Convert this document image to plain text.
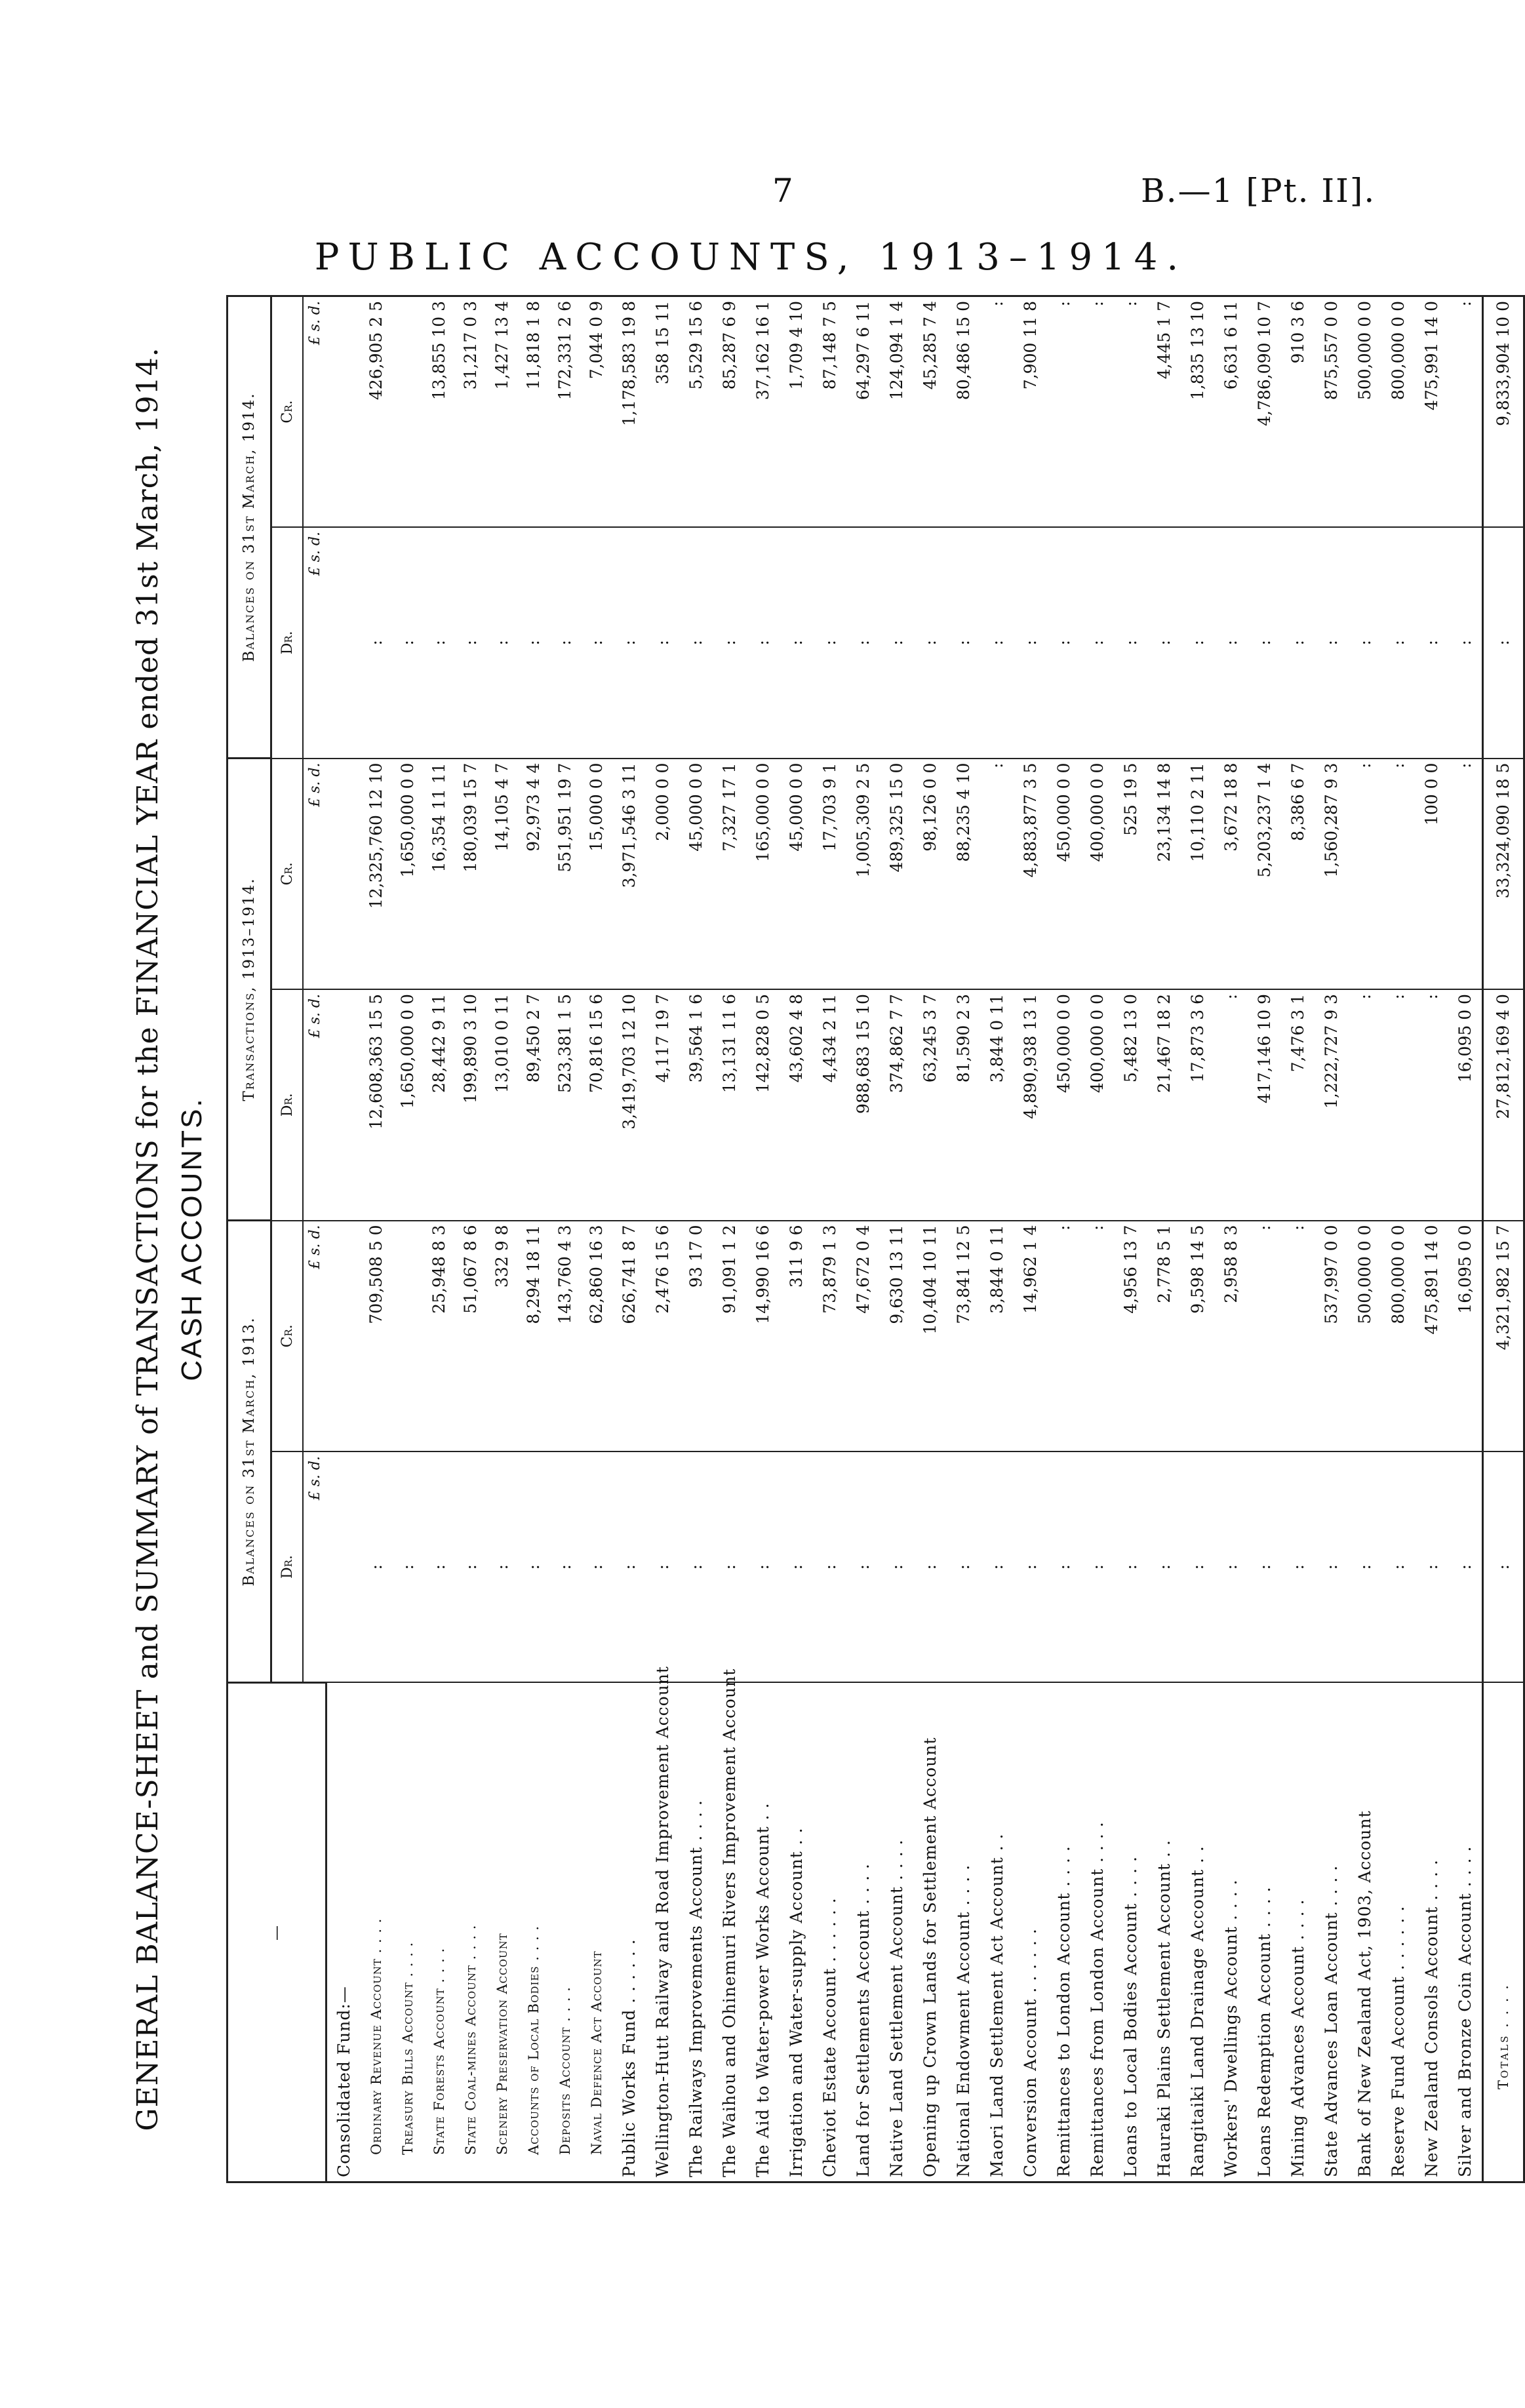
7	B.—1 [Pt. II].
PUBLIC ACCOUNTS, 1913–1914.
GENERAL BALANCE-SHEET and SUMMARY of TRANSACTIONS for the FINANCIAL YEAR ended 31st March, 1914. CASH ACCOUNTS.
—	Balances on 31st March, 1913.		Transactions, 1913–1914.		Balances on 31st March, 1914.	
	Dr.	Cr.	Dr.	Cr.	Dr.	Cr.
	£ s. d.	£ s. d.	£ s. d.	£ s. d.	£ s. d.	£ s. d.
Consolidated Fund:—						
Ordinary Revenue Account . . . .	:	709,508 5 0	12,608,363 15 5	12,325,760 12 10	:	426,905 2 5
Treasury Bills Account . . . .	:		1,650,000 0 0	1,650,000 0 0	:	
State Forests Account . . . .	:	25,948 8 3	28,442 9 11	16,354 11 11	:	13,855 10 3
State Coal-mines Account . . . .	:	51,067 8 6	199,890 3 10	180,039 15 7	:	31,217 0 3
Scenery Preservation Account	:	332 9 8	13,010 0 11	14,105 4 7	:	1,427 13 4
Accounts of Local Bodies . . . .	:	8,294 18 11	89,450 2 7	92,973 4 4	:	11,818 1 8
Deposits Account . . . .	:	143,760 4 3	523,381 1 5	551,951 19 7	:	172,331 2 6
Naval Defence Act Account	:	62,860 16 3	70,816 15 6	15,000 0 0	:	7,044 0 9
Public Works Fund . . . . . .	:	626,741 8 7	3,419,703 12 10	3,971,546 3 11	:	1,178,583 19 8
Wellington-Hutt Railway and Road Improvement Account	:	2,476 15 6	4,117 19 7	2,000 0 0	:	358 15 11
The Railways Improvements Account . . . .	:	93 17 0	39,564 1 6	45,000 0 0	:	5,529 15 6
The Waihou and Ohinemuri Rivers Improvement Account	:	91,091 1 2	13,131 11 6	7,327 17 1	:	85,287 6 9
The Aid to Water-power Works Account . .	:	14,990 16 6	142,828 0 5	165,000 0 0	:	37,162 16 1
Irrigation and Water-supply Account . .	:	311 9 6	43,602 4 8	45,000 0 0	:	1,709 4 10
Cheviot Estate Account . . . . . .	:	73,879 1 3	4,434 2 11	17,703 9 1	:	87,148 7 5
Land for Settlements Account . . . .	:	47,672 0 4	988,683 15 10	1,005,309 2 5	:	64,297 6 11
Native Land Settlement Account . . . .	:	9,630 13 11	374,862 7 7	489,325 15 0	:	124,094 1 4
Opening up Crown Lands for Settlement Account	:	10,404 10 11	63,245 3 7	98,126 0 0	:	45,285 7 4
National Endowment Account . . . .	:	73,841 12 5	81,590 2 3	88,235 4 10	:	80,486 15 0
Maori Land Settlement Act Account . .	:	3,844 0 11	3,844 0 11	:	:	:
Conversion Account . . . . . .	:	14,962 1 4	4,890,938 13 1	4,883,877 3 5	:	7,900 11 8
Remittances to London Account . . . .	:	:	450,000 0 0	450,000 0 0	:	:
Remittances from London Account . . . .	:	:	400,000 0 0	400,000 0 0	:	:
Loans to Local Bodies Account . . . .	:	4,956 13 7	5,482 13 0	525 19 5	:	:
Hauraki Plains Settlement Account . .	:	2,778 5 1	21,467 18 2	23,134 14 8	:	4,445 1 7
Rangitaiki Land Drainage Account . .	:	9,598 14 5	17,873 3 6	10,110 2 11	:	1,835 13 10
Workers' Dwellings Account . . . .	:	2,958 8 3	:	3,672 18 8	:	6,631 6 11
Loans Redemption Account . . . .	:	:	417,146 10 9	5,203,237 1 4	:	4,786,090 10 7
Mining Advances Account . . . .	:	:	7,476 3 1	8,386 6 7	:	910 3 6
State Advances Loan Account . . . .	:	537,997 0 0	1,222,727 9 3	1,560,287 9 3	:	875,557 0 0
Bank of New Zealand Act, 1903, Account	:	500,000 0 0	:	:	:	500,000 0 0
Reserve Fund Account . . . . . .	:	800,000 0 0	:	:	:	800,000 0 0
New Zealand Consols Account . . . .	:	475,891 14 0	:	100 0 0	:	475,991 14 0
Silver and Bronze Coin Account . . . .	:	16,095 0 0	16,095 0 0	:	:	:
Totals . . . .	:	4,321,982 15 7	27,812,169 4 0	33,324,090 18 5	:	9,833,904 10 0
